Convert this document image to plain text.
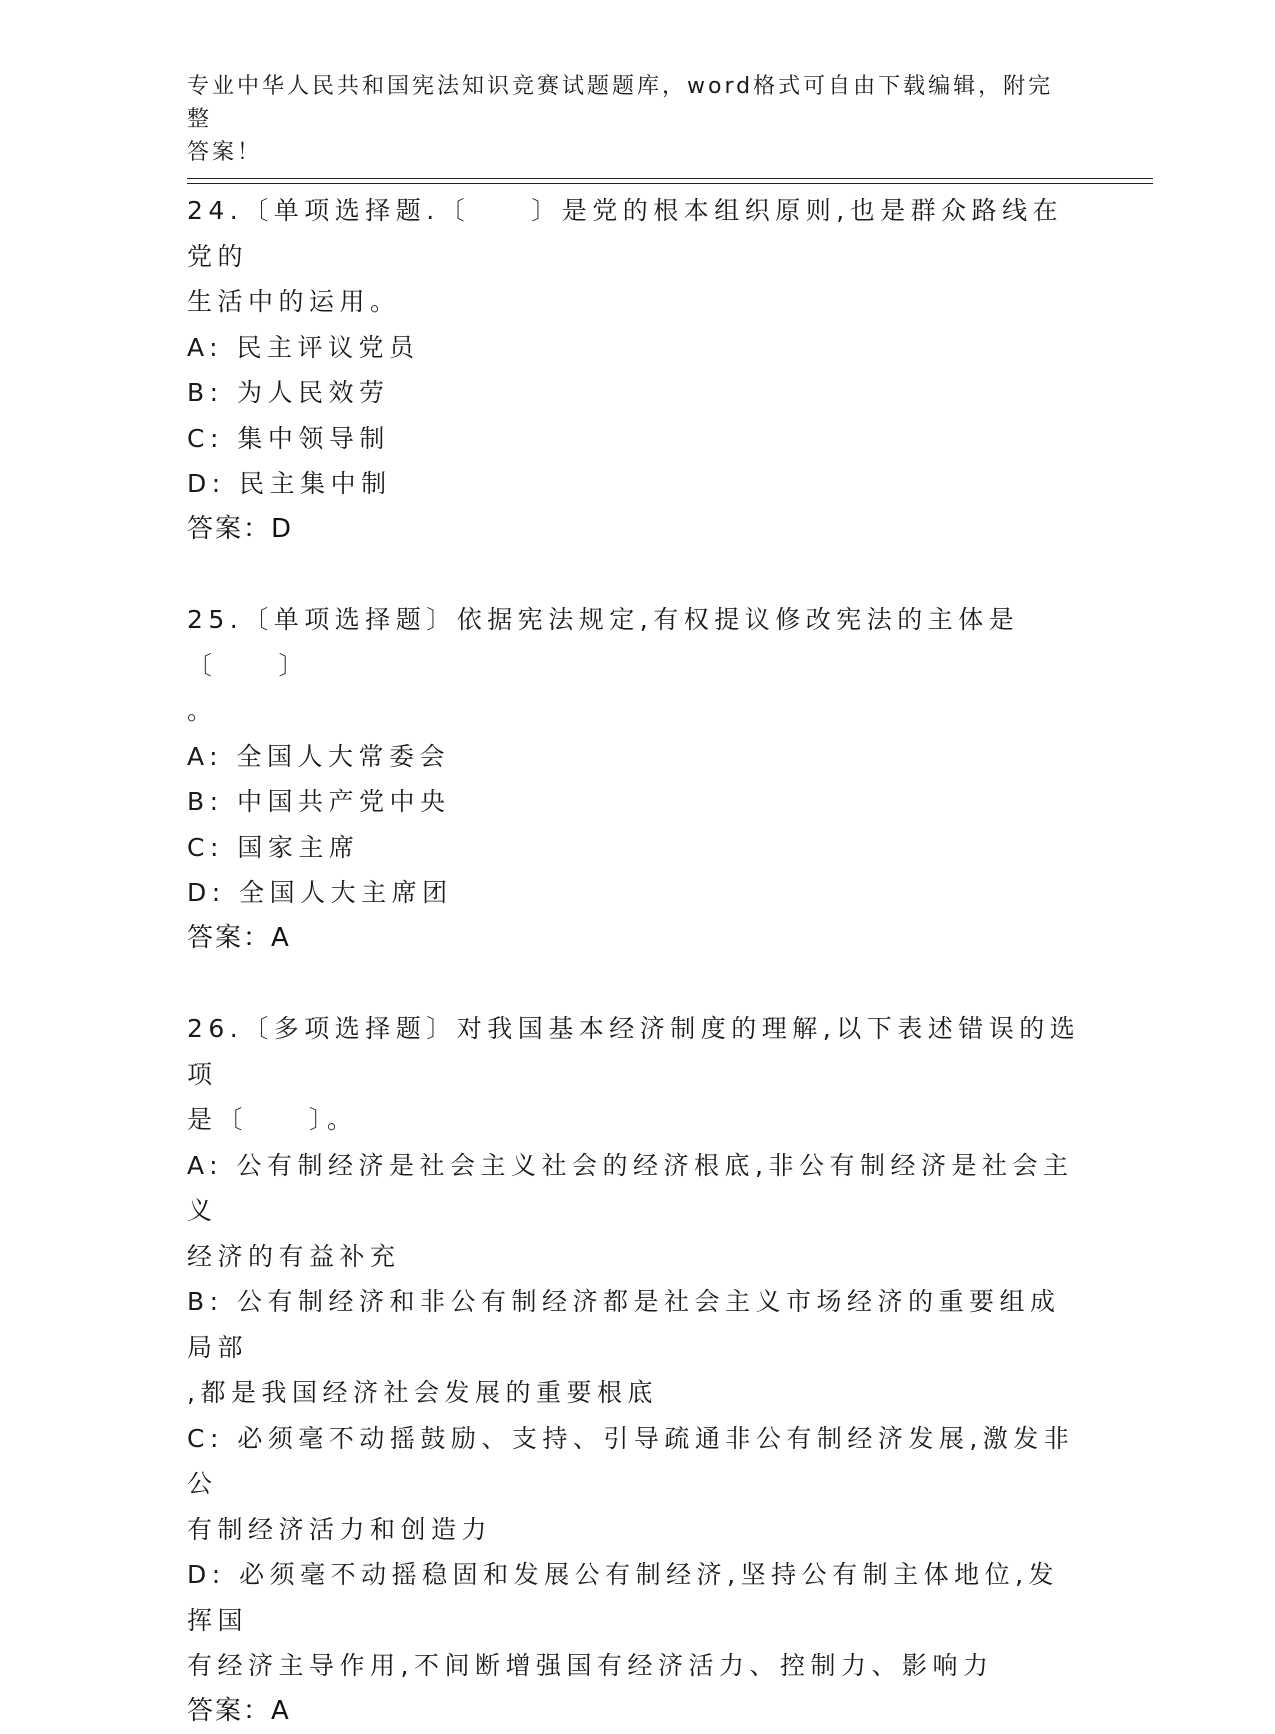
专业中华人民共和国宪法知识竞赛试题题库，word格式可自由下载编辑，附完整
答案！

24.〔单项选择题.〔　　〕是党的根本组织原则,也是群众路线在党的

生活中的运用。

A: 民主评议党员

B: 为人民效劳

C: 集中领导制

D: 民主集中制

答案：D

25.〔单项选择题〕依据宪法规定,有权提议修改宪法的主体是〔　　〕

。

A: 全国人大常委会

B: 中国共产党中央

C: 国家主席

D: 全国人大主席团

答案：A

26.〔多项选择题〕对我国基本经济制度的理解,以下表述错误的选项

是〔　　〕。

A: 公有制经济是社会主义社会的经济根底,非公有制经济是社会主义

经济的有益补充

B: 公有制经济和非公有制经济都是社会主义市场经济的重要组成局部

,都是我国经济社会发展的重要根底

C: 必须毫不动摇鼓励、支持、引导疏通非公有制经济发展,激发非公

有制经济活力和创造力

D: 必须毫不动摇稳固和发展公有制经济,坚持公有制主体地位,发挥国

有经济主导作用,不间断增强国有经济活力、控制力、影响力

答案：A
